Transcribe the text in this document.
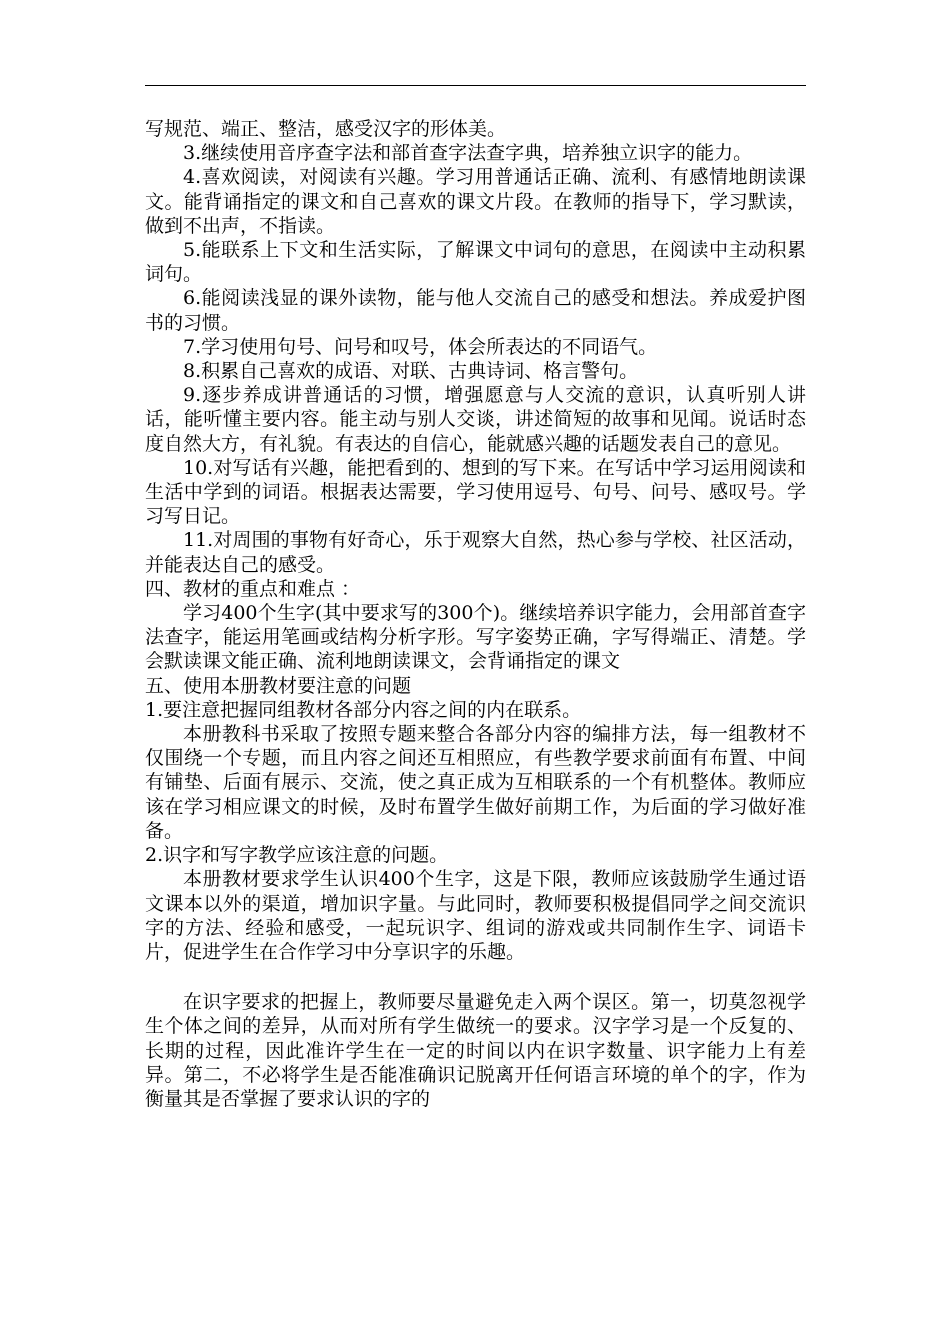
写规范、端正、整洁，感受汉字的形体美。

3.继续使用音序查字法和部首查字法查字典，培养独立识字的能力。

4.喜欢阅读，对阅读有兴趣。学习用普通话正确、流利、有感情地朗读课文。能背诵指定的课文和自己喜欢的课文片段。在教师的指导下，学习默读，做到不出声，不指读。

5.能联系上下文和生活实际，了解课文中词句的意思，在阅读中主动积累词句。

6.能阅读浅显的课外读物，能与他人交流自己的感受和想法。养成爱护图书的习惯。

7.学习使用句号、问号和叹号，体会所表达的不同语气。

8.积累自己喜欢的成语、对联、古典诗词、格言警句。

9.逐步养成讲普通话的习惯，增强愿意与人交流的意识，认真听别人讲话，能听懂主要内容。能主动与别人交谈，讲述简短的故事和见闻。说话时态度自然大方，有礼貌。有表达的自信心，能就感兴趣的话题发表自己的意见。

10.对写话有兴趣，能把看到的、想到的写下来。在写话中学习运用阅读和生活中学到的词语。根据表达需要，学习使用逗号、句号、问号、感叹号。学习写日记。

11.对周围的事物有好奇心，乐于观察大自然，热心参与学校、社区活动，并能表达自己的感受。

四、教材的重点和难点 ：

学习400个生字(其中要求写的300个)。继续培养识字能力，会用部首查字法查字，能运用笔画或结构分析字形。写字姿势正确，字写得端正、清楚。学会默读课文能正确、流利地朗读课文，会背诵指定的课文

五、使用本册教材要注意的问题

1.要注意把握同组教材各部分内容之间的内在联系。

本册教科书采取了按照专题来整合各部分内容的编排方法，每一组教材不仅围绕一个专题，而且内容之间还互相照应，有些教学要求前面有布置、中间有铺垫、后面有展示、交流，使之真正成为互相联系的一个有机整体。教师应该在学习相应课文的时候，及时布置学生做好前期工作，为后面的学习做好准备。

2.识字和写字教学应该注意的问题。

本册教材要求学生认识400个生字，这是下限，教师应该鼓励学生通过语文课本以外的渠道，增加识字量。与此同时，教师要积极提倡同学之间交流识字的方法、经验和感受，一起玩识字、组词的游戏或共同制作生字、词语卡片，促进学生在合作学习中分享识字的乐趣。

在识字要求的把握上，教师要尽量避免走入两个误区。第一，切莫忽视学生个体之间的差异，从而对所有学生做统一的要求。汉字学习是一个反复的、长期的过程，因此准许学生在一定的时间以内在识字数量、识字能力上有差异。第二，不必将学生是否能准确识记脱离开任何语言环境的单个的字，作为衡量其是否掌握了要求认识的字的
